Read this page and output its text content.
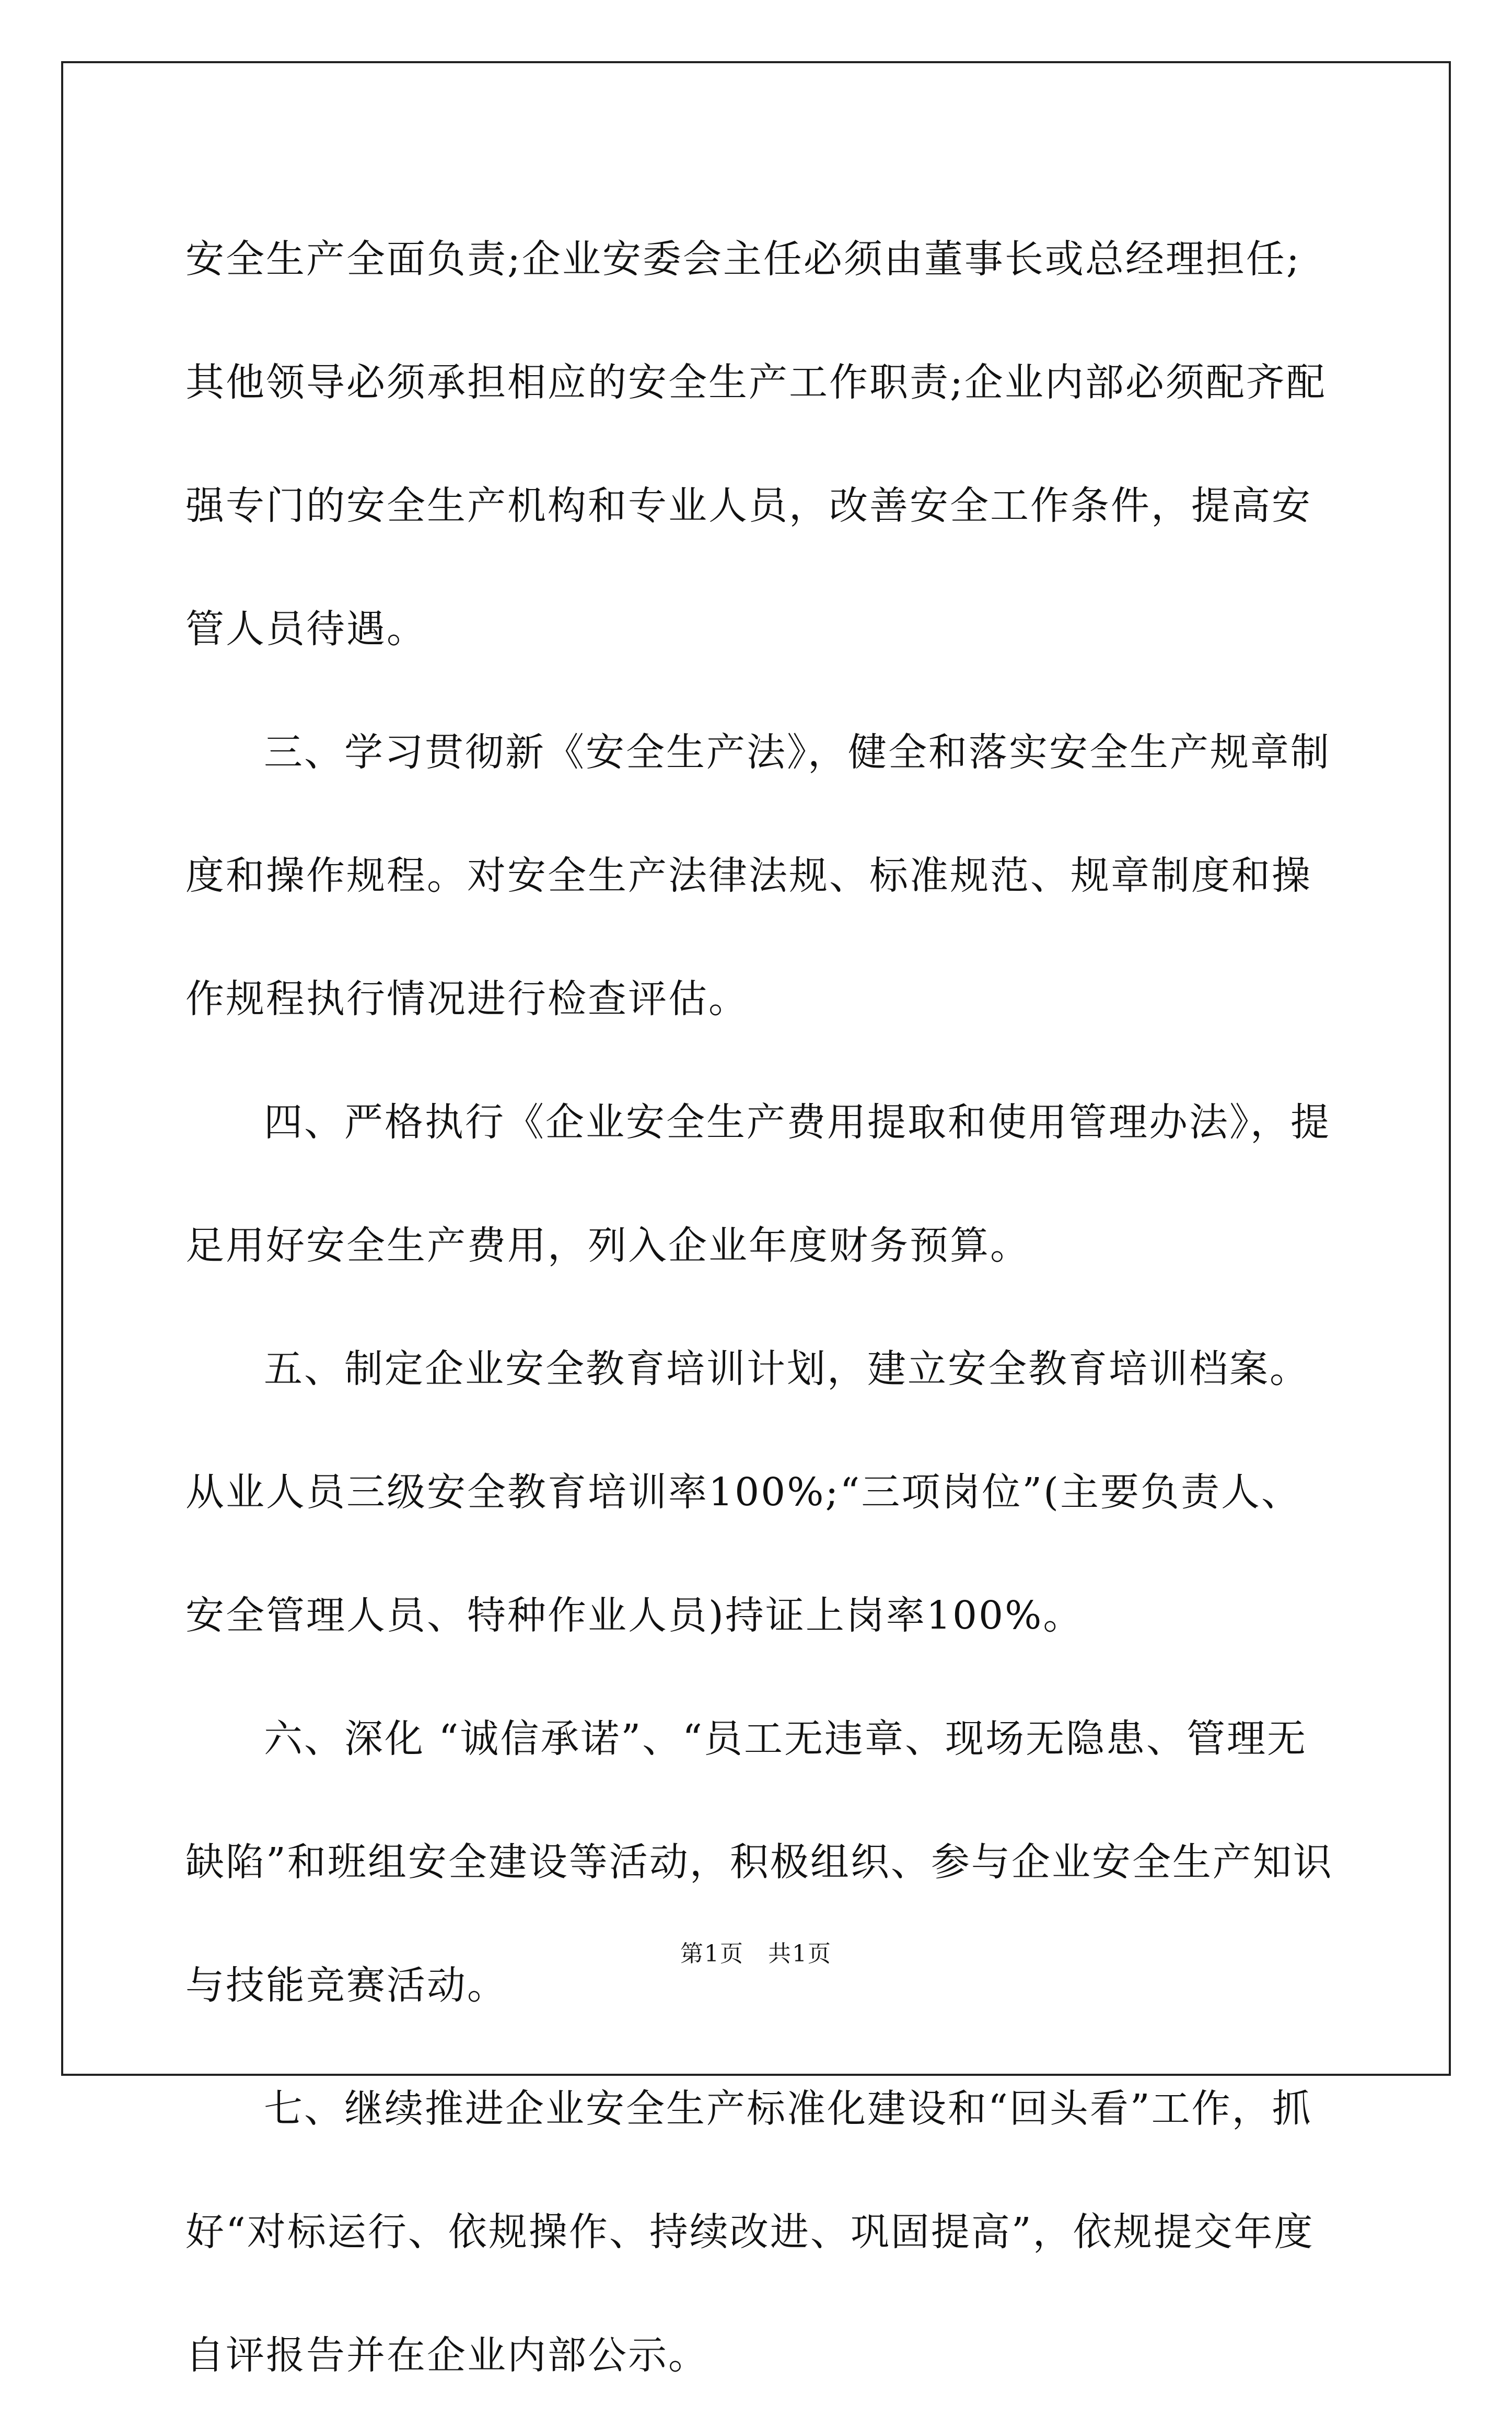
安全生产全面负责;企业安委会主任必须由董事长或总经理担任;其他领导必须承担相应的安全生产工作职责;企业内部必须配齐配强专门的安全生产机构和专业人员，改善安全工作条件，提高安管人员待遇。

三、学习贯彻新《安全生产法》，健全和落实安全生产规章制度和操作规程。对安全生产法律法规、标准规范、规章制度和操作规程执行情况进行检查评估。

四、严格执行《企业安全生产费用提取和使用管理办法》，提足用好安全生产费用，列入企业年度财务预算。

五、制定企业安全教育培训计划，建立安全教育培训档案。从业人员三级安全教育培训率100%;“三项岗位”(主要负责人、安全管理人员、特种作业人员)持证上岗率100%。

六、深化 “诚信承诺”、“员工无违章、现场无隐患、管理无缺陷”和班组安全建设等活动，积极组织、参与企业安全生产知识与技能竞赛活动。

七、继续推进企业安全生产标准化建设和“回头看”工作，抓好“对标运行、依规操作、持续改进、巩固提高”，依规提交年度自评报告并在企业内部公示。

第1页　共1页
